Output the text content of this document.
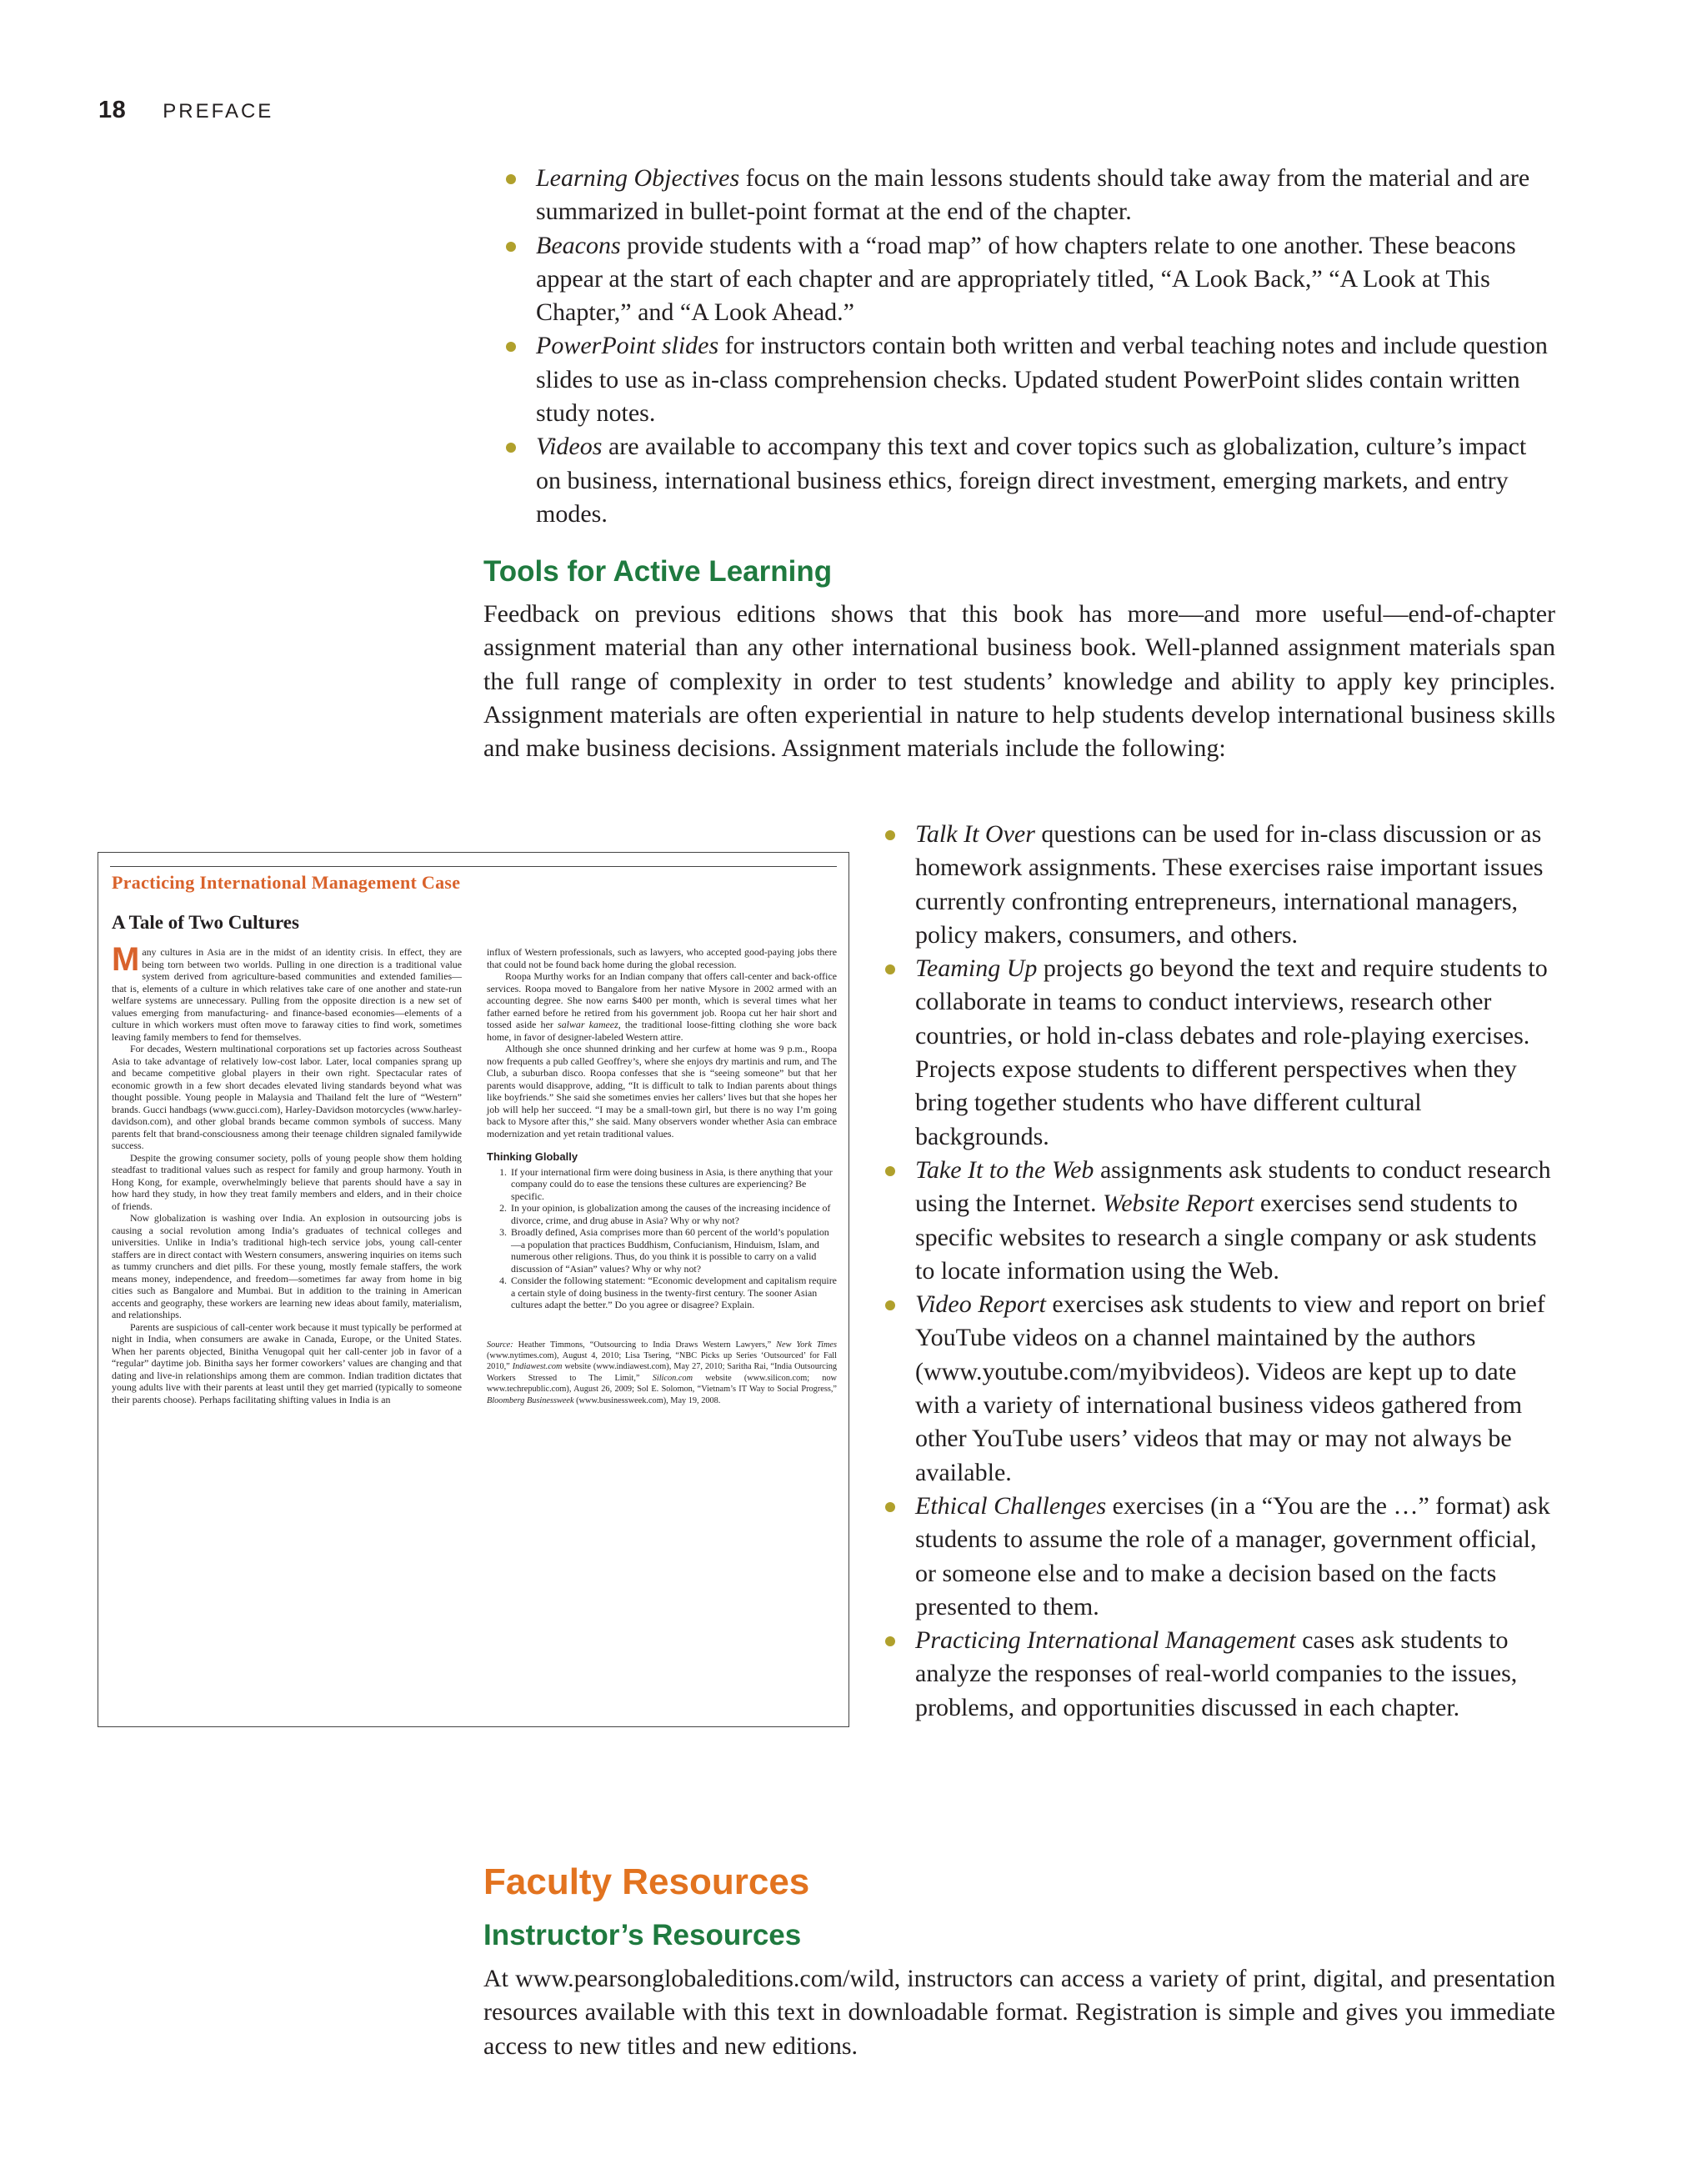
18 PREFACE
Learning Objectives focus on the main lessons students should take away from the material and are summarized in bullet-point format at the end of the chapter.
Beacons provide students with a “road map” of how chapters relate to one another. These beacons appear at the start of each chapter and are appropriately titled, “A Look Back,” “A Look at This Chapter,” and “A Look Ahead.”
PowerPoint slides for instructors contain both written and verbal teaching notes and include question slides to use as in-class comprehension checks. Updated student PowerPoint slides contain written study notes.
Videos are available to accompany this text and cover topics such as globalization, culture’s impact on business, international business ethics, foreign direct investment, emerging markets, and entry modes.
Tools for Active Learning
Feedback on previous editions shows that this book has more—and more useful—end-of-chapter assignment material than any other international business book. Well-planned assignment materials span the full range of complexity in order to test students’ knowledge and ability to apply key principles. Assignment materials are often experiential in nature to help students develop international business skills and make business decisions. Assignment materials include the following:
Practicing International Management Case
A Tale of Two Cultures

Many cultures in Asia are in the midst of an identity crisis. In effect, they are being torn between two worlds. Pulling in one direction is a traditional value system derived from agriculture-based communities and extended families—that is, elements of a culture in which relatives take care of one another and state-run welfare systems are unnecessary. Pulling from the opposite direction is a new set of values emerging from manufacturing- and finance-based economies—elements of a culture in which workers must often move to faraway cities to find work, sometimes leaving family members to fend for themselves.

For decades, Western multinational corporations set up factories across Southeast Asia to take advantage of relatively low-cost labor. Later, local companies sprang up and became competitive global players in their own right. Spectacular rates of economic growth in a few short decades elevated living standards beyond what was thought possible. Young people in Malaysia and Thailand felt the lure of “Western” brands. Gucci handbags (www.gucci.com), Harley-Davidson motorcycles (www.harley-davidson.com), and other global brands became common symbols of success. Many parents felt that brand-consciousness among their teenage children signaled familywide success.

Despite the growing consumer society, polls of young people show them holding steadfast to traditional values such as respect for family and group harmony. Youth in Hong Kong, for example, overwhelmingly believe that parents should have a say in how hard they study, in how they treat family members and elders, and in their choice of friends.

Now globalization is washing over India. An explosion in outsourcing jobs is causing a social revolution among India’s graduates of technical colleges and universities. Unlike in India’s traditional high-tech service jobs, young call-center staffers are in direct contact with Western consumers, answering inquiries on items such as tummy crunchers and diet pills. For these young, mostly female staffers, the work means money, independence, and freedom—sometimes far away from home in big cities such as Bangalore and Mumbai. But in addition to the training in American accents and geography, these workers are learning new ideas about family, materialism, and relationships.

Parents are suspicious of call-center work because it must typically be performed at night in India, when consumers are awake in Canada, Europe, or the United States. When her parents objected, Binitha Venugopal quit her call-center job in favor of a “regular” daytime job. Binitha says her former coworkers’ values are changing and that dating and live-in relationships among them are common. Indian tradition dictates that young adults live with their parents at least until they get married (typically to someone their parents choose). Perhaps facilitating shifting values in India is an

influx of Western professionals, such as lawyers, who accepted good-paying jobs there that could not be found back home during the global recession.

Roopa Murthy works for an Indian company that offers call-center and back-office services. Roopa moved to Bangalore from her native Mysore in 2002 armed with an accounting degree. She now earns $400 per month, which is several times what her father earned before he retired from his government job. Roopa cut her hair short and tossed aside her salwar kameez, the traditional loose-fitting clothing she wore back home, in favor of designer-labeled Western attire.

Although she once shunned drinking and her curfew at home was 9 p.m., Roopa now frequents a pub called Geoffrey’s, where she enjoys dry martinis and rum, and The Club, a suburban disco. Roopa confesses that she is “seeing someone” but that her parents would disapprove, adding, “It is difficult to talk to Indian parents about things like boyfriends.” She said she sometimes envies her callers’ lives but that she hopes her job will help her succeed. “I may be a small-town girl, but there is no way I’m going back to Mysore after this,” she said. Many observers wonder whether Asia can embrace modernization and yet retain traditional values.

Thinking Globally
1. If your international firm were doing business in Asia, is there anything that your company could do to ease the tensions these cultures are experiencing? Be specific.
2. In your opinion, is globalization among the causes of the increasing incidence of divorce, crime, and drug abuse in Asia? Why or why not?
3. Broadly defined, Asia comprises more than 60 percent of the world’s population—a population that practices Buddhism, Confucianism, Hinduism, Islam, and numerous other religions. Thus, do you think it is possible to carry on a valid discussion of “Asian” values? Why or why not?
4. Consider the following statement: “Economic development and capitalism require a certain style of doing business in the twenty-first century. The sooner Asian cultures adapt the better.” Do you agree or disagree? Explain.

Source: Heather Timmons, “Outsourcing to India Draws Western Lawyers,” New York Times (www.nytimes.com), August 4, 2010; Lisa Tsering, “NBC Picks up Series ‘Outsourced’ for Fall 2010,” Indiawest.com website (www.indiawest.com), May 27, 2010; Saritha Rai, “India Outsourcing Workers Stressed to The Limit,” Silicon.com website (www.silicon.com; now www.techrepublic.com), August 26, 2009; Sol E. Solomon, “Vietnam’s IT Way to Social Progress,” Bloomberg Businessweek (www.businessweek.com), May 19, 2008.

Talk It Over questions can be used for in-class discussion or as homework assignments. These exercises raise important issues currently confronting entrepreneurs, international managers, policy makers, consumers, and others.
Teaming Up projects go beyond the text and require students to collaborate in teams to conduct interviews, research other countries, or hold in-class debates and role-playing exercises. Projects expose students to different perspectives when they bring together students who have different cultural backgrounds.
Take It to the Web assignments ask students to conduct research using the Internet. Website Report exercises send students to specific websites to research a single company or ask students to locate information using the Web.
Video Report exercises ask students to view and report on brief YouTube videos on a channel maintained by the authors (www.youtube.com/myibvideos). Videos are kept up to date with a variety of international business videos gathered from other YouTube users’ videos that may or may not always be available.
Ethical Challenges exercises (in a “You are the …” format) ask students to assume the role of a manager, government official, or someone else and to make a decision based on the facts presented to them.
Practicing International Management cases ask students to analyze the responses of real-world companies to the issues, problems, and opportunities discussed in each chapter.
Faculty Resources
Instructor’s Resources
At www.pearsonglobaleditions.com/wild, instructors can access a variety of print, digital, and presentation resources available with this text in downloadable format. Registration is simple and gives you immediate access to new titles and new editions.
